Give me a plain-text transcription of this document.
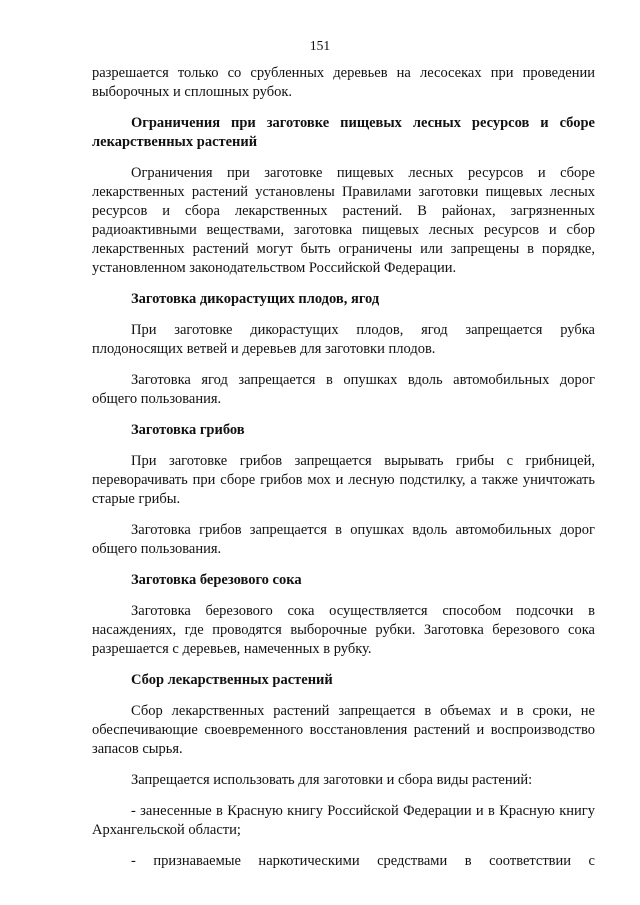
151

разрешается только со срубленных деревьев на лесосеках при проведении выборочных и сплошных рубок.

Ограничения при заготовке пищевых лесных ресурсов и сборе лекарственных растений

Ограничения при заготовке пищевых лесных ресурсов и сборе лекарственных растений установлены Правилами заготовки пищевых лесных ресурсов и сбора лекарственных растений. В районах, загрязненных радиоактивными веществами, заготовка пищевых лесных ресурсов и сбор лекарственных растений могут быть ограничены или запрещены в порядке, установленном законодательством Российской Федерации.

Заготовка дикорастущих плодов, ягод

При заготовке дикорастущих плодов, ягод запрещается рубка плодоносящих ветвей и деревьев для заготовки плодов.

Заготовка ягод запрещается в опушках вдоль автомобильных дорог общего пользования.

Заготовка грибов

При заготовке грибов запрещается вырывать грибы с грибницей, переворачивать при сборе грибов мох и лесную подстилку, а также уничтожать старые грибы.

Заготовка грибов запрещается в опушках вдоль автомобильных дорог общего пользования.

Заготовка березового сока

Заготовка березового сока осуществляется способом подсочки в насаждениях, где проводятся выборочные рубки. Заготовка березового сока разрешается с деревьев, намеченных в рубку.

Сбор лекарственных растений

Сбор лекарственных растений запрещается в объемах и в сроки, не обеспечивающие своевременного восстановления растений и воспроизводство запасов сырья.

Запрещается использовать для заготовки и сбора виды растений:

- занесенные в Красную книгу Российской Федерации и в Красную книгу Архангельской области;

- признаваемые наркотическими средствами в соответствии с
